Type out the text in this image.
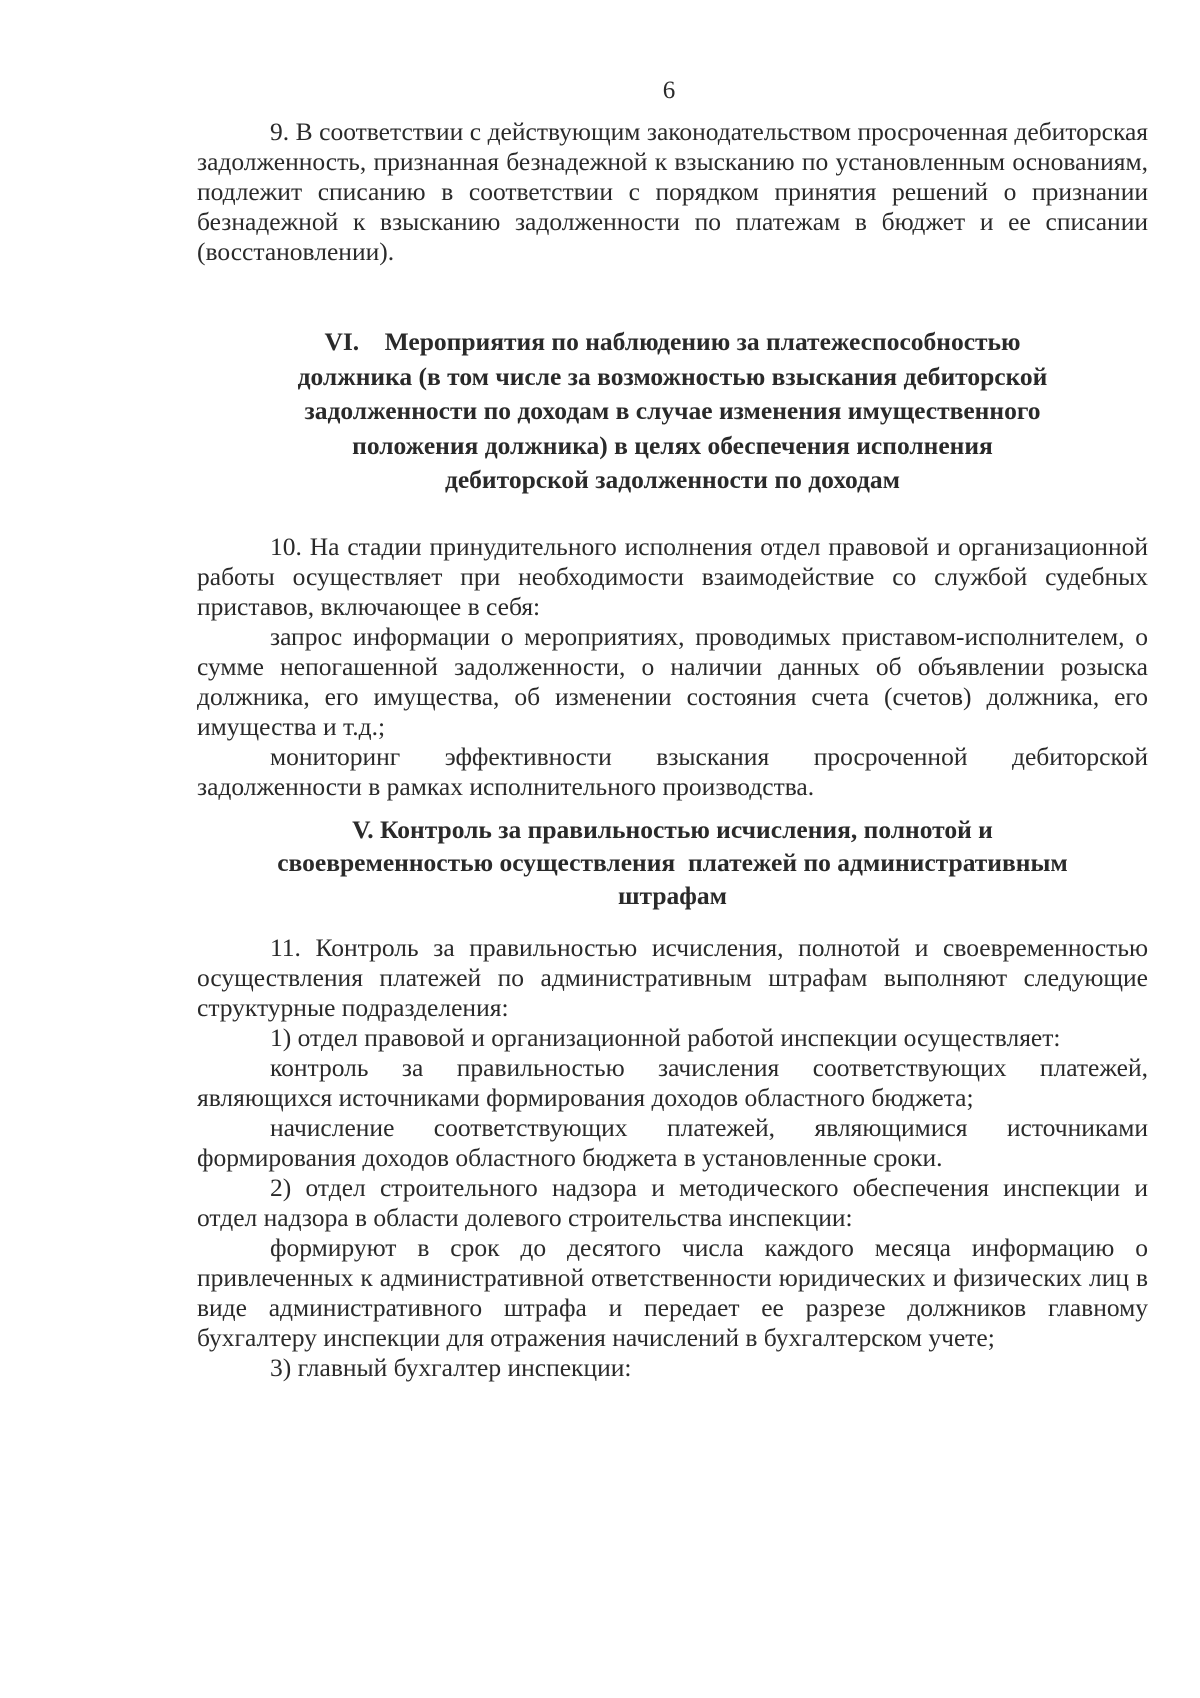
6

9. В соответствии с действующим законодательством просроченная дебиторская задолженность, признанная безнадежной к взысканию по установленным основаниям, подлежит списанию в соответствии с порядком принятия решений о признании безнадежной к взысканию задолженности по платежам в бюджет и ее списании (восстановлении).

VI.    Мероприятия по наблюдению за платежеспособностью
должника (в том числе за возможностью взыскания дебиторской
задолженности по доходам в случае изменения имущественного
положения должника) в целях обеспечения исполнения
дебиторской задолженности по доходам

10. На стадии принудительного исполнения отдел правовой и организационной работы осуществляет при необходимости взаимодействие со службой судебных приставов, включающее в себя:

запрос информации о мероприятиях, проводимых приставом-исполнителем, о сумме непогашенной задолженности, о наличии данных об объявлении розыска должника, его имущества, об изменении состояния счета (счетов) должника, его имущества и т.д.;

мониторинг эффективности взыскания просроченной дебиторской задолженности в рамках исполнительного производства.

V. Контроль за правильностью исчисления, полнотой и
своевременностью осуществления  платежей по административным
штрафам

11. Контроль за правильностью исчисления, полнотой и своевременностью осуществления платежей по административным штрафам выполняют следующие структурные подразделения:

1) отдел правовой и организационной работой инспекции осуществляет:

контроль за правильностью зачисления соответствующих платежей, являющихся источниками формирования доходов областного бюджета;

начисление соответствующих платежей, являющимися источниками формирования доходов областного бюджета в установленные сроки.

2) отдел строительного надзора и методического обеспечения инспекции и отдел надзора в области долевого строительства инспекции:

формируют в срок до десятого числа каждого месяца информацию о привлеченных к административной ответственности юридических и физических лиц в виде административного штрафа и передает ее разрезе должников главному бухгалтеру инспекции для отражения начислений в бухгалтерском учете;

3) главный бухгалтер инспекции:
